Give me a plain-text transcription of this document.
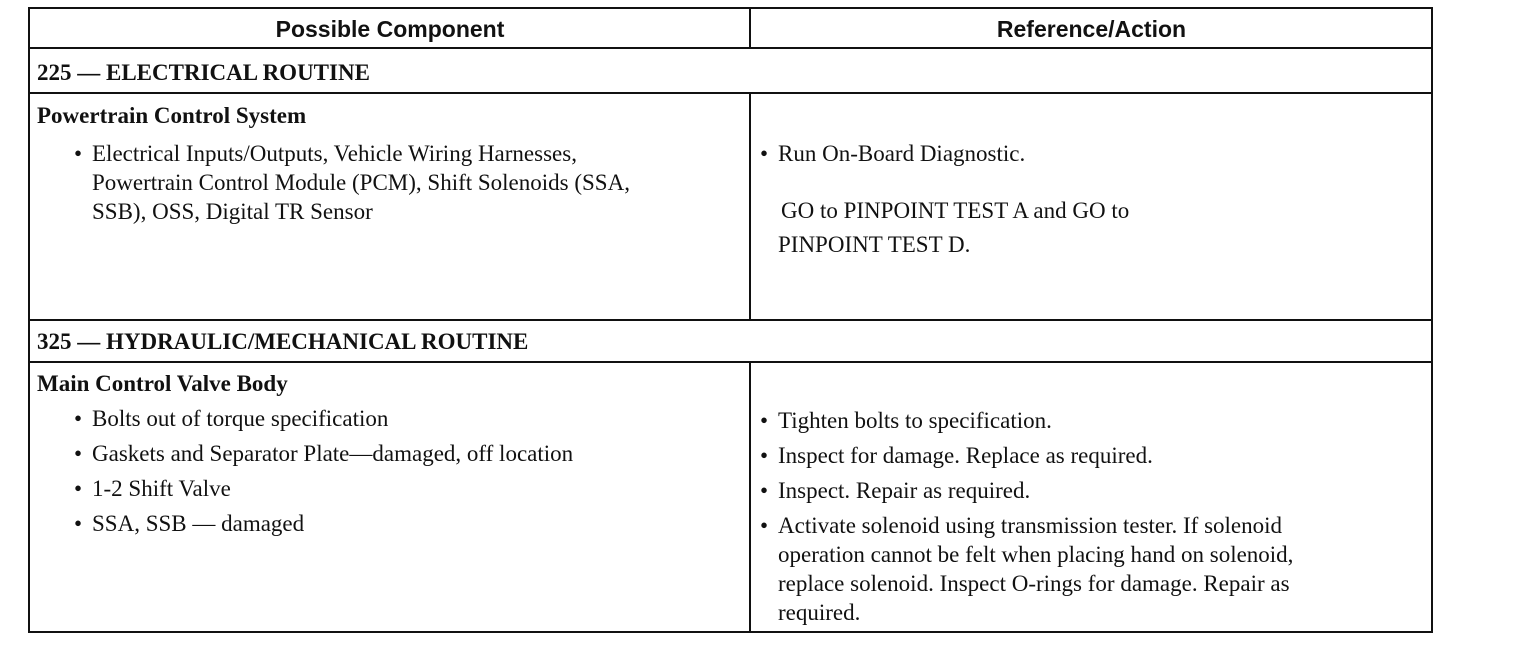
Possible Component	Reference/Action
225 — ELECTRICAL ROUTINE
Powertrain Control System
• Electrical Inputs/Outputs, Vehicle Wiring Harnesses,
Powertrain Control Module (PCM), Shift Solenoids (SSA,
SSB), OSS, Digital TR Sensor
• Run On-Board Diagnostic.
GO to PINPOINT TEST A and GO to
PINPOINT TEST D.
325 — HYDRAULIC/MECHANICAL ROUTINE
Main Control Valve Body
• Bolts out of torque specification
• Gaskets and Separator Plate—damaged, off location
• 1-2 Shift Valve
• SSA, SSB — damaged
• Tighten bolts to specification.
• Inspect for damage. Replace as required.
• Inspect. Repair as required.
• Activate solenoid using transmission tester. If solenoid
operation cannot be felt when placing hand on solenoid,
replace solenoid. Inspect O-rings for damage. Repair as
required.
